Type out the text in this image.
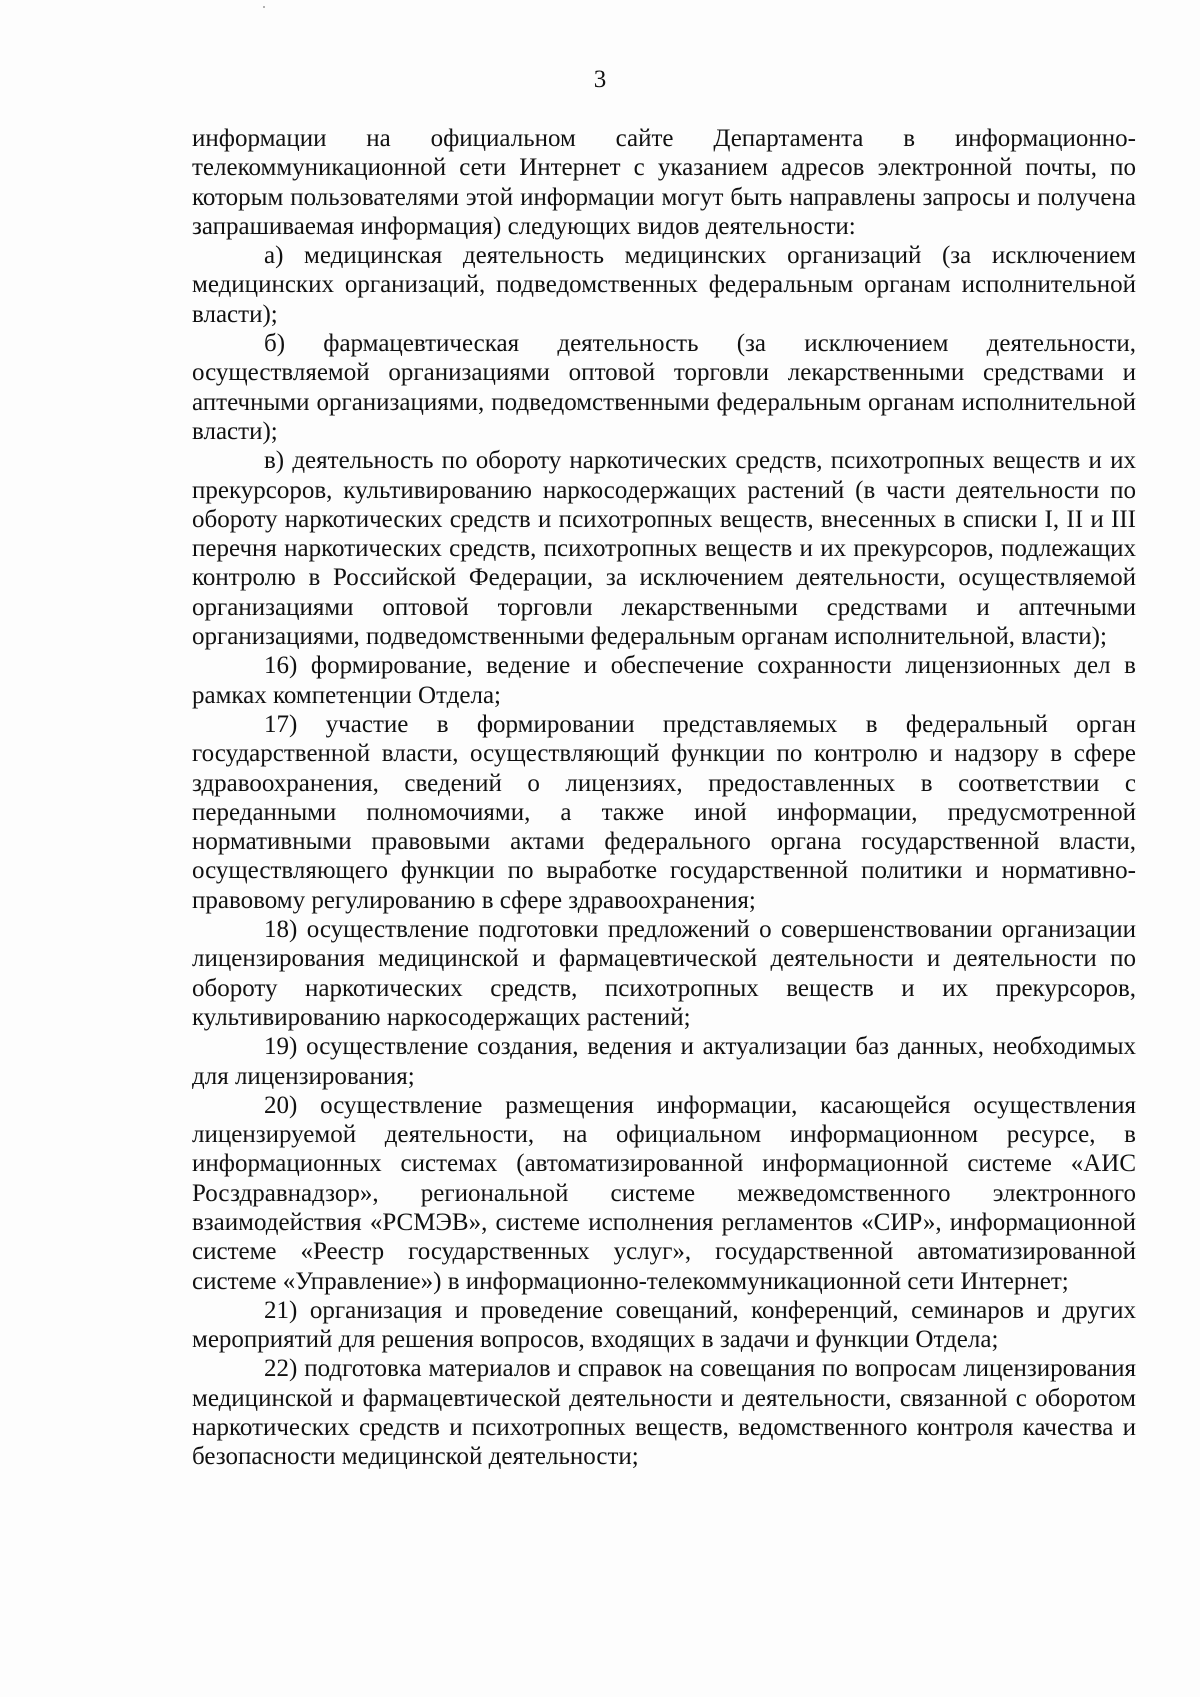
3

информации на официальном сайте Департамента в информационно-телекоммуникационной сети Интернет с указанием адресов электронной почты, по которым пользователями этой информации могут быть направлены запросы и получена запрашиваемая информация) следующих видов деятельности:

а) медицинская деятельность медицинских организаций (за исключением медицинских организаций, подведомственных федеральным органам исполнительной власти);

б) фармацевтическая деятельность (за исключением деятельности, осуществляемой организациями оптовой торговли лекарственными средствами и аптечными организациями, подведомственными федеральным органам исполнительной власти);

в) деятельность по обороту наркотических средств, психотропных веществ и их прекурсоров, культивированию наркосодержащих растений (в части деятельности по обороту наркотических средств и психотропных веществ, внесенных в списки I, II и III перечня наркотических средств, психотропных веществ и их прекурсоров, подлежащих контролю в Российской Федерации, за исключением деятельности, осуществляемой организациями оптовой торговли лекарственными средствами и аптечными организациями, подведомственными федеральным органам исполнительной, власти);

16) формирование, ведение и обеспечение сохранности лицензионных дел в рамках компетенции Отдела;

17) участие в формировании представляемых в федеральный орган государственной власти, осуществляющий функции по контролю и надзору в сфере здравоохранения, сведений о лицензиях, предоставленных в соответствии с переданными полномочиями, а также иной информации, предусмотренной нормативными правовыми актами федерального органа государственной власти, осуществляющего функции по выработке государственной политики и нормативно-правовому регулированию в сфере здравоохранения;

18) осуществление подготовки предложений о совершенствовании организации лицензирования медицинской и фармацевтической деятельности и деятельности по обороту наркотических средств, психотропных веществ и их прекурсоров, культивированию наркосодержащих растений;

19) осуществление создания, ведения и актуализации баз данных, необходимых для лицензирования;

20) осуществление размещения информации, касающейся осуществления лицензируемой деятельности, на официальном информационном ресурсе, в информационных системах (автоматизированной информационной системе «АИС Росздравнадзор», региональной системе межведомственного электронного взаимодействия «РСМЭВ», системе исполнения регламентов «СИР», информационной системе «Реестр государственных услуг», государственной автоматизированной системе «Управление») в информационно-телекоммуникационной сети Интернет;

21) организация и проведение совещаний, конференций, семинаров и других мероприятий для решения вопросов, входящих в задачи и функции Отдела;

22) подготовка материалов и справок на совещания по вопросам лицензирования медицинской и фармацевтической деятельности и деятельности, связанной с оборотом наркотических средств и психотропных веществ, ведомственного контроля качества и безопасности медицинской деятельности;
